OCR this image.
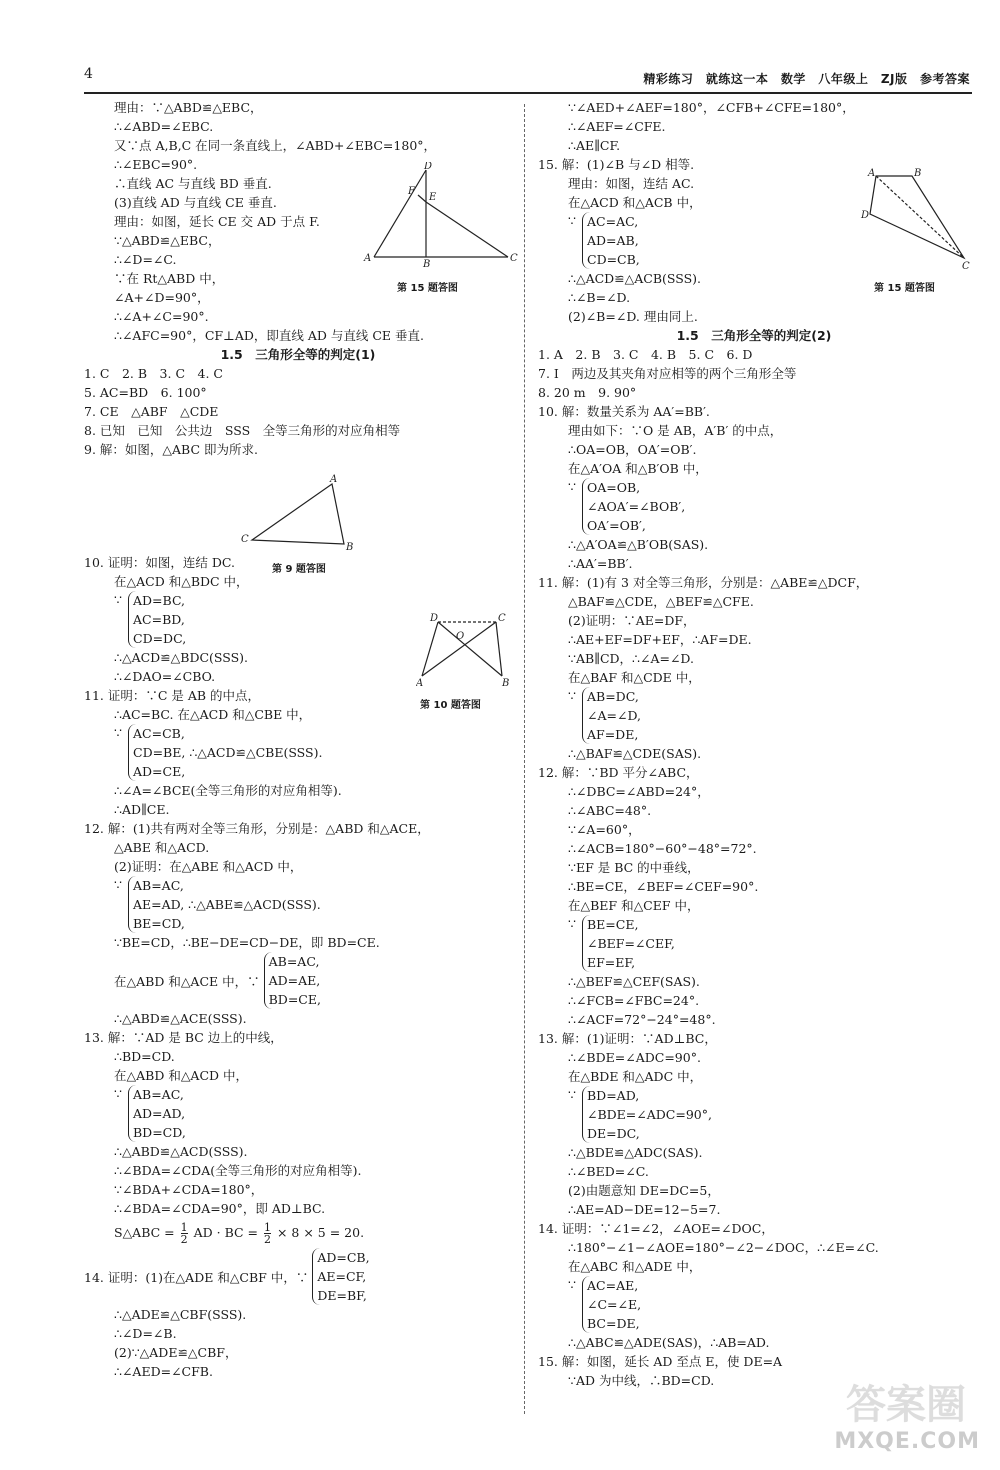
4	精彩练习　就练这一本　数学　八年级上　ZJ版　参考答案
理由：∵△ABD≌△EBC，
∴∠ABD=∠EBC.
又∵点 A,B,C 在同一条直线上，∠ABD+∠EBC=180°，
∴∠EBC=90°.
∴直线 AC 与直线 BD 垂直.
(3)直线 AD 与直线 CE 垂直.
理由：如图，延长 CE 交 AD 于点 F.
∵△ABD≌△EBC，
∴∠D=∠C.
∵在 Rt△ABD 中，
∠A+∠D=90°，
∴∠A+∠C=90°.
∴∠AFC=90°，CF⊥AD，即直线 AD 与直线 CE 垂直.
1.5　三角形全等的判定(1)
1. C　2. B　3. C　4. C
5. AC=BD　6. 100°
7. CE　△ABF　△CDE
8. 已知　已知　公共边　SSS　全等三角形的对应角相等
9. 解：如图，△ABC 即为所求.
10. 证明：如图，连结 DC.
在△ACD 和△BDC 中，
∵ AD=BC,
AC=BD,
CD=DC,
∴△ACD≌△BDC(SSS).
∴∠DAO=∠CBO.
11. 证明：∵C 是 AB 的中点，
∴AC=BC. 在△ACD 和△CBE 中，
∵ AC=CB,
CD=BE, ∴△ACD≌△CBE(SSS).
AD=CE,
∴∠A=∠BCE(全等三角形的对应角相等).
∴AD∥CE.
12. 解：(1)共有两对全等三角形，分别是：△ABD 和△ACE，
△ABE 和△ACD.
(2)证明：在△ABE 和△ACD 中，
∵ AB=AC,
AE=AD, ∴△ABE≌△ACD(SSS).
BE=CD,
∵BE=CD，∴BE−DE=CD−DE，即 BD=CE.
在△ABD 和△ACE 中，∵
AB=AC,
AD=AE,
BD=CE,
∴△ABD≌△ACE(SSS).
13. 解：∵AD 是 BC 边上的中线，
∴BD=CD.
在△ABD 和△ACD 中，
∵ AB=AC,
AD=AD,
BD=CD,
∴△ABD≌△ACD(SSS).
∴∠BDA=∠CDA(全等三角形的对应角相等).
∵∠BDA+∠CDA=180°，
∴∠BDA=∠CDA=90°，即 AD⊥BC.
S△ABC = $\frac{1}{2}$ AD · BC = $\frac{1}{2} \times 8 \times 5 = 20$.
14. 证明：(1)在△ADE 和△CBF 中，∵
AD=CB,
AE=CF,
DE=BF,
∴△ADE≌△CBF(SSS).
∴∠D=∠B.
(2)∵△ADE≌△CBF，
∴∠AED=∠CFB.
A
B
C
D
E
F
第 15 题答图
C
A
B
第 9 题答图
D	C
A	B
O
第 10 题答图
∵∠AED+∠AEF=180°，∠CFB+∠CFE=180°，
∴∠AEF=∠CFE.
∴AE∥CF.
15. 解：(1)∠B 与∠D 相等.
理由：如图，连结 AC.
在△ACD 和△ACB 中，
∵ AC=AC,
AD=AB,
CD=CB,
∴△ACD≌△ACB(SSS).
∴∠B=∠D.
(2)∠B=∠D. 理由同上.
1.5　三角形全等的判定(2)
1. A　2. B　3. C　4. B　5. C　6. D
7. Ⅰ　两边及其夹角对应相等的两个三角形全等
8. 20 m　9. 90°
10. 解：数量关系为 AA′=BB′.
理由如下：∵O 是 AB，A′B′ 的中点，
∴OA=OB，OA′=OB′.
在△A′OA 和△B′OB 中，
∵ OA=OB,
∠AOA′=∠BOB′,
OA′=OB′,
∴△A′OA≌△B′OB(SAS).
∴AA′=BB′.
11. 解：(1)有 3 对全等三角形，分别是：△ABE≌△DCF，
△BAF≌△CDE，△BEF≌△CFE.
(2)证明：∵AE=DF，
∴AE+EF=DF+EF，∴AF=DE.
∵AB∥CD，∴∠A=∠D.
在△BAF 和△CDE 中，
∵ AB=DC,
∠A=∠D,
AF=DE,
∴△BAF≌△CDE(SAS).
12. 解：∵BD 平分∠ABC，
∴∠DBC=∠ABD=24°，
∴∠ABC=48°.
∵∠A=60°，
∴∠ACB=180°−60°−48°=72°.
∵EF 是 BC 的中垂线，
∴BE=CE，∠BEF=∠CEF=90°.
在△BEF 和△CEF 中，
∵ BE=CE,
∠BEF=∠CEF,
EF=EF,
∴△BEF≌△CEF(SAS).
∴∠FCB=∠FBC=24°.
∴∠ACF=72°−24°=48°.
13. 解：(1)证明：∵AD⊥BC，
∴∠BDE=∠ADC=90°.
在△BDE 和△ADC 中，
∵ BD=AD,
∠BDE=∠ADC=90°,
DE=DC,
∴△BDE≌△ADC(SAS).
∴∠BED=∠C.
(2)由题意知 DE=DC=5，
∴AE=AD−DE=12−5=7.
14. 证明：∵∠1=∠2，∠AOE=∠DOC，
∴180°−∠1−∠AOE=180°−∠2−∠DOC，∴∠E=∠C.
在△ABC 和△ADE 中，
∵ AC=AE,
∠C=∠E,
BC=DE,
∴△ABC≌△ADE(SAS)，∴AB=AD.
15. 解：如图，延长 AD 至点 E，使 DE=A
∵AD 为中线，∴BD=CD.
A	B
C
D
第 15 题答图
答案圈
MXQE.COM
